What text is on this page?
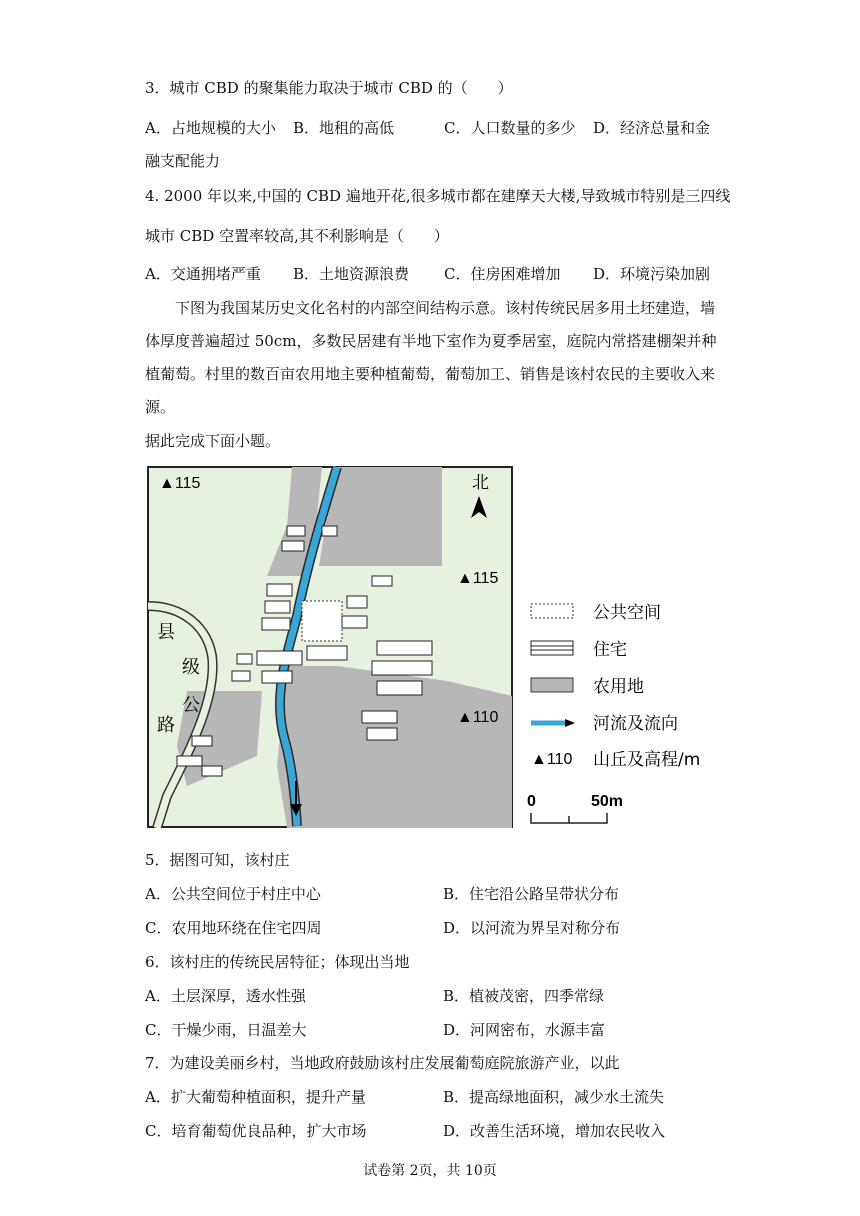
3．城市 CBD 的聚集能力取决于城市 CBD 的（　　）
A．占地规模的大小 B．地租的高低	C．人口数量的多少 D．经济总量和金
融支配能力
4. 2000 年以来,中国的 CBD 遍地开花,很多城市都在建摩天大楼,导致城市特别是三四线
城市 CBD 空置率较高,其不利影响是（　　）
A．交通拥堵严重 B．土地资源浪费 C．住房困难增加 D．环境污染加剧
下图为我国某历史文化名村的内部空间结构示意。该村传统民居多用土坯建造，墙
体厚度普遍超过 50cm，多数民居建有半地下室作为夏季居室，庭院内常搭建棚架并种
植葡萄。村里的数百亩农用地主要种植葡萄，葡萄加工、销售是该村农民的主要收入来
源。
据此完成下面小题。
▲115
▲115
▲110
北
县
级
公
路
公共空间
住宅
农用地
河流及流向
▲110 山丘及高程/m
0	50m
5．据图可知，该村庄
A．公共空间位于村庄中心	B．住宅沿公路呈带状分布
C．农用地环绕在住宅四周	D．以河流为界呈对称分布
6．该村庄的传统民居特征；体现出当地
A．土层深厚，透水性强	B．植被茂密，四季常绿
C．干燥少雨，日温差大	D．河网密布，水源丰富
7．为建设美丽乡村，当地政府鼓励该村庄发展葡萄庭院旅游产业，以此
A．扩大葡萄种植面积，提升产量	B．提高绿地面积，减少水土流失
C．培育葡萄优良品种，扩大市场	D．改善生活环境，增加农民收入
试卷第 2页，共 10页
